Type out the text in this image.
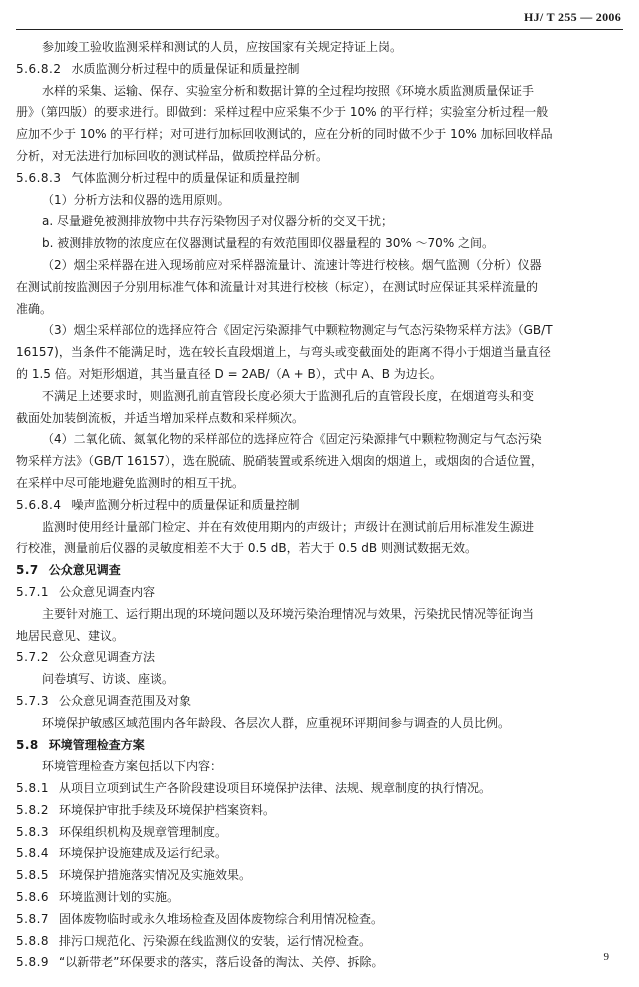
HJ/ T 255 — 2006
参加竣工验收监测采样和测试的人员，应按国家有关规定持证上岗。
5.6.8.2 水质监测分析过程中的质量保证和质量控制
水样的采集、运输、保存、实验室分析和数据计算的全过程均按照《环境水质监测质量保证手
册》（第四版）的要求进行。即做到：采样过程中应采集不少于 10% 的平行样；实验室分析过程一般
应加不少于 10% 的平行样；对可进行加标回收测试的，应在分析的同时做不少于 10% 加标回收样品
分析，对无法进行加标回收的测试样品，做质控样品分析。
5.6.8.3 气体监测分析过程中的质量保证和质量控制
（1）分析方法和仪器的选用原则。
a. 尽量避免被测排放物中共存污染物因子对仪器分析的交叉干扰；
b. 被测排放物的浓度应在仪器测试量程的有效范围即仪器量程的 30% ～70% 之间。
（2）烟尘采样器在进入现场前应对采样器流量计、流速计等进行校核。烟气监测（分析）仪器
在测试前按监测因子分别用标准气体和流量计对其进行校核（标定），在测试时应保证其采样流量的
准确。
（3）烟尘采样部位的选择应符合《固定污染源排气中颗粒物测定与气态污染物采样方法》（GB/T
16157)，当条件不能满足时，选在较长直段烟道上，与弯头或变截面处的距离不得小于烟道当量直径
的 1.5 倍。对矩形烟道，其当量直径 D = 2AB/（A + B），式中 A、B 为边长。
不满足上述要求时，则监测孔前直管段长度必须大于监测孔后的直管段长度，在烟道弯头和变
截面处加装倒流板，并适当增加采样点数和采样频次。
（4）二氧化硫、氮氧化物的采样部位的选择应符合《固定污染源排气中颗粒物测定与气态污染
物采样方法》（GB/T 16157），选在脱硫、脱硝装置或系统进入烟囱的烟道上，或烟囱的合适位置，
在采样中尽可能地避免监测时的相互干扰。
5.6.8.4 噪声监测分析过程中的质量保证和质量控制
监测时使用经计量部门检定、并在有效使用期内的声级计；声级计在测试前后用标准发生源进
行校准，测量前后仪器的灵敏度相差不大于 0.5 dB，若大于 0.5 dB 则测试数据无效。
5.7 公众意见调查
5.7.1 公众意见调查内容
主要针对施工、运行期出现的环境问题以及环境污染治理情况与效果，污染扰民情况等征询当
地居民意见、建议。
5.7.2 公众意见调查方法
问卷填写、访谈、座谈。
5.7.3 公众意见调查范围及对象
环境保护敏感区域范围内各年龄段、各层次人群，应重视环评期间参与调查的人员比例。
5.8 环境管理检查方案
环境管理检查方案包括以下内容：
5.8.1 从项目立项到试生产各阶段建设项目环境保护法律、法规、规章制度的执行情况。
5.8.2 环境保护审批手续及环境保护档案资料。
5.8.3 环保组织机构及规章管理制度。
5.8.4 环境保护设施建成及运行纪录。
5.8.5 环境保护措施落实情况及实施效果。
5.8.6 环境监测计划的实施。
5.8.7 固体废物临时或永久堆场检查及固体废物综合利用情况检查。
5.8.8 排污口规范化、污染源在线监测仪的安装，运行情况检查。
5.8.9 “以新带老”环保要求的落实，落后设备的淘汰、关停、拆除。	9
